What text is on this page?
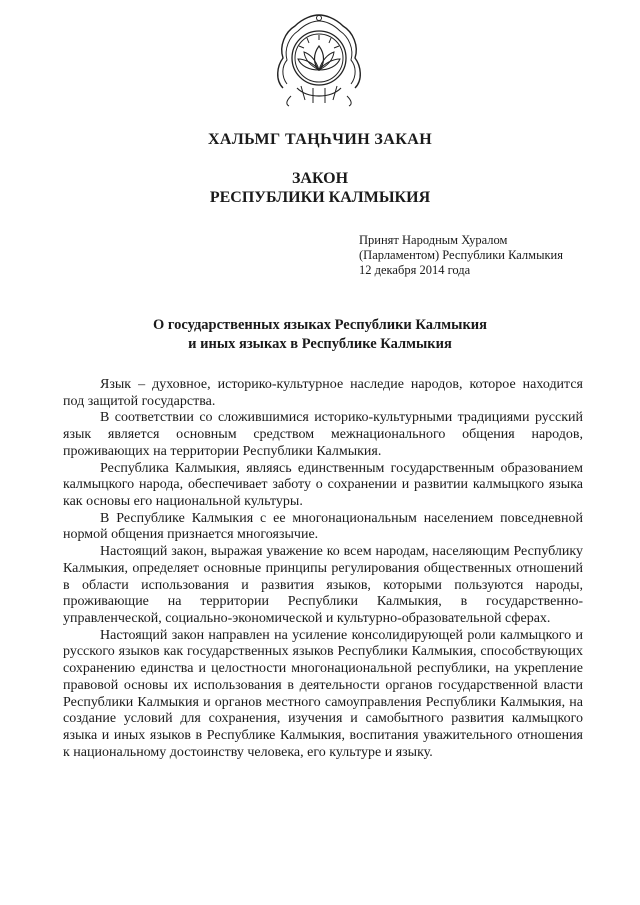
ХАЛЬМГ ТАҢҺЧИН ЗАКАН
ЗАКОН
РЕСПУБЛИКИ КАЛМЫКИЯ
Принят Народным Хуралом
(Парламентом) Республики Калмыкия
12 декабря 2014 года
О государственных языках Республики Калмыкия
и иных языках в Республике Калмыкия

Язык – духовное, историко-культурное наследие народов, которое находится под защитой государства.

В соответствии со сложившимися историко-культурными традициями русский язык является основным средством межнационального общения народов, проживающих на территории Республики Калмыкия.

Республика Калмыкия, являясь единственным государственным образованием калмыцкого народа, обеспечивает заботу о сохранении и развитии калмыцкого языка как основы его национальной культуры.

В Республике Калмыкия с ее многонациональным населением повседневной нормой общения признается многоязычие.

Настоящий закон, выражая уважение ко всем народам, населяющим Республику Калмыкия, определяет основные принципы регулирования общественных отношений в области использования и развития языков, которыми пользуются народы, проживающие на территории Республики Калмыкия, в государственно-управленческой, социально-экономической и культурно-образовательной сферах.

Настоящий закон направлен на усиление консолидирующей роли калмыцкого и русского языков как государственных языков Республики Калмыкия, способствующих сохранению единства и целостности многонациональной республики, на укрепление правовой основы их использования в деятельности органов государственной власти Республики Калмыкия и органов местного самоуправления Республики Калмыкия, на создание условий для сохранения, изучения и самобытного развития калмыцкого языка и иных языков в Республике Калмыкия, воспитания уважительного отношения к национальному достоинству человека, его культуре и языку.
